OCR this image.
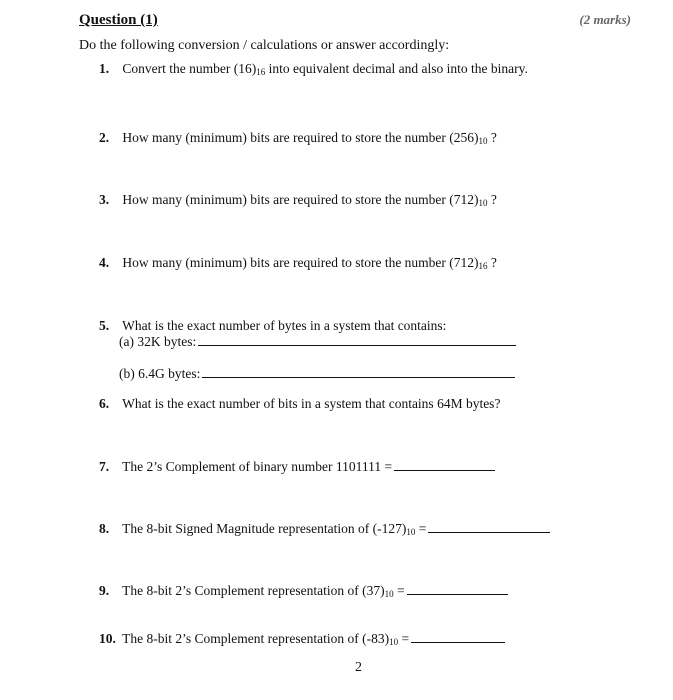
Question (1)	(2 marks)
Do the following conversion / calculations or answer accordingly:
1. Convert the number $(16)_{16}$ into equivalent decimal and also into the binary.
2. How many (minimum) bits are required to store the number $(256)_{10}$ ?
3. How many (minimum) bits are required to store the number $(712)_{10}$ ?
4. How many (minimum) bits are required to store the number $(712)_{16}$ ?
5. What is the exact number of bytes in a system that contains:
(a) 32K bytes:
(b) 6.4G bytes:
6. What is the exact number of bits in a system that contains 64M bytes?
7. The 2’s Complement of binary number 1101111 =
8. The 8-bit Signed Magnitude representation of $(-127)_{10}$ =
9. The 8-bit 2’s Complement representation of $(37)_{10}$ =
10. The 8-bit 2’s Complement representation of $(-83)_{10}$ =
2
